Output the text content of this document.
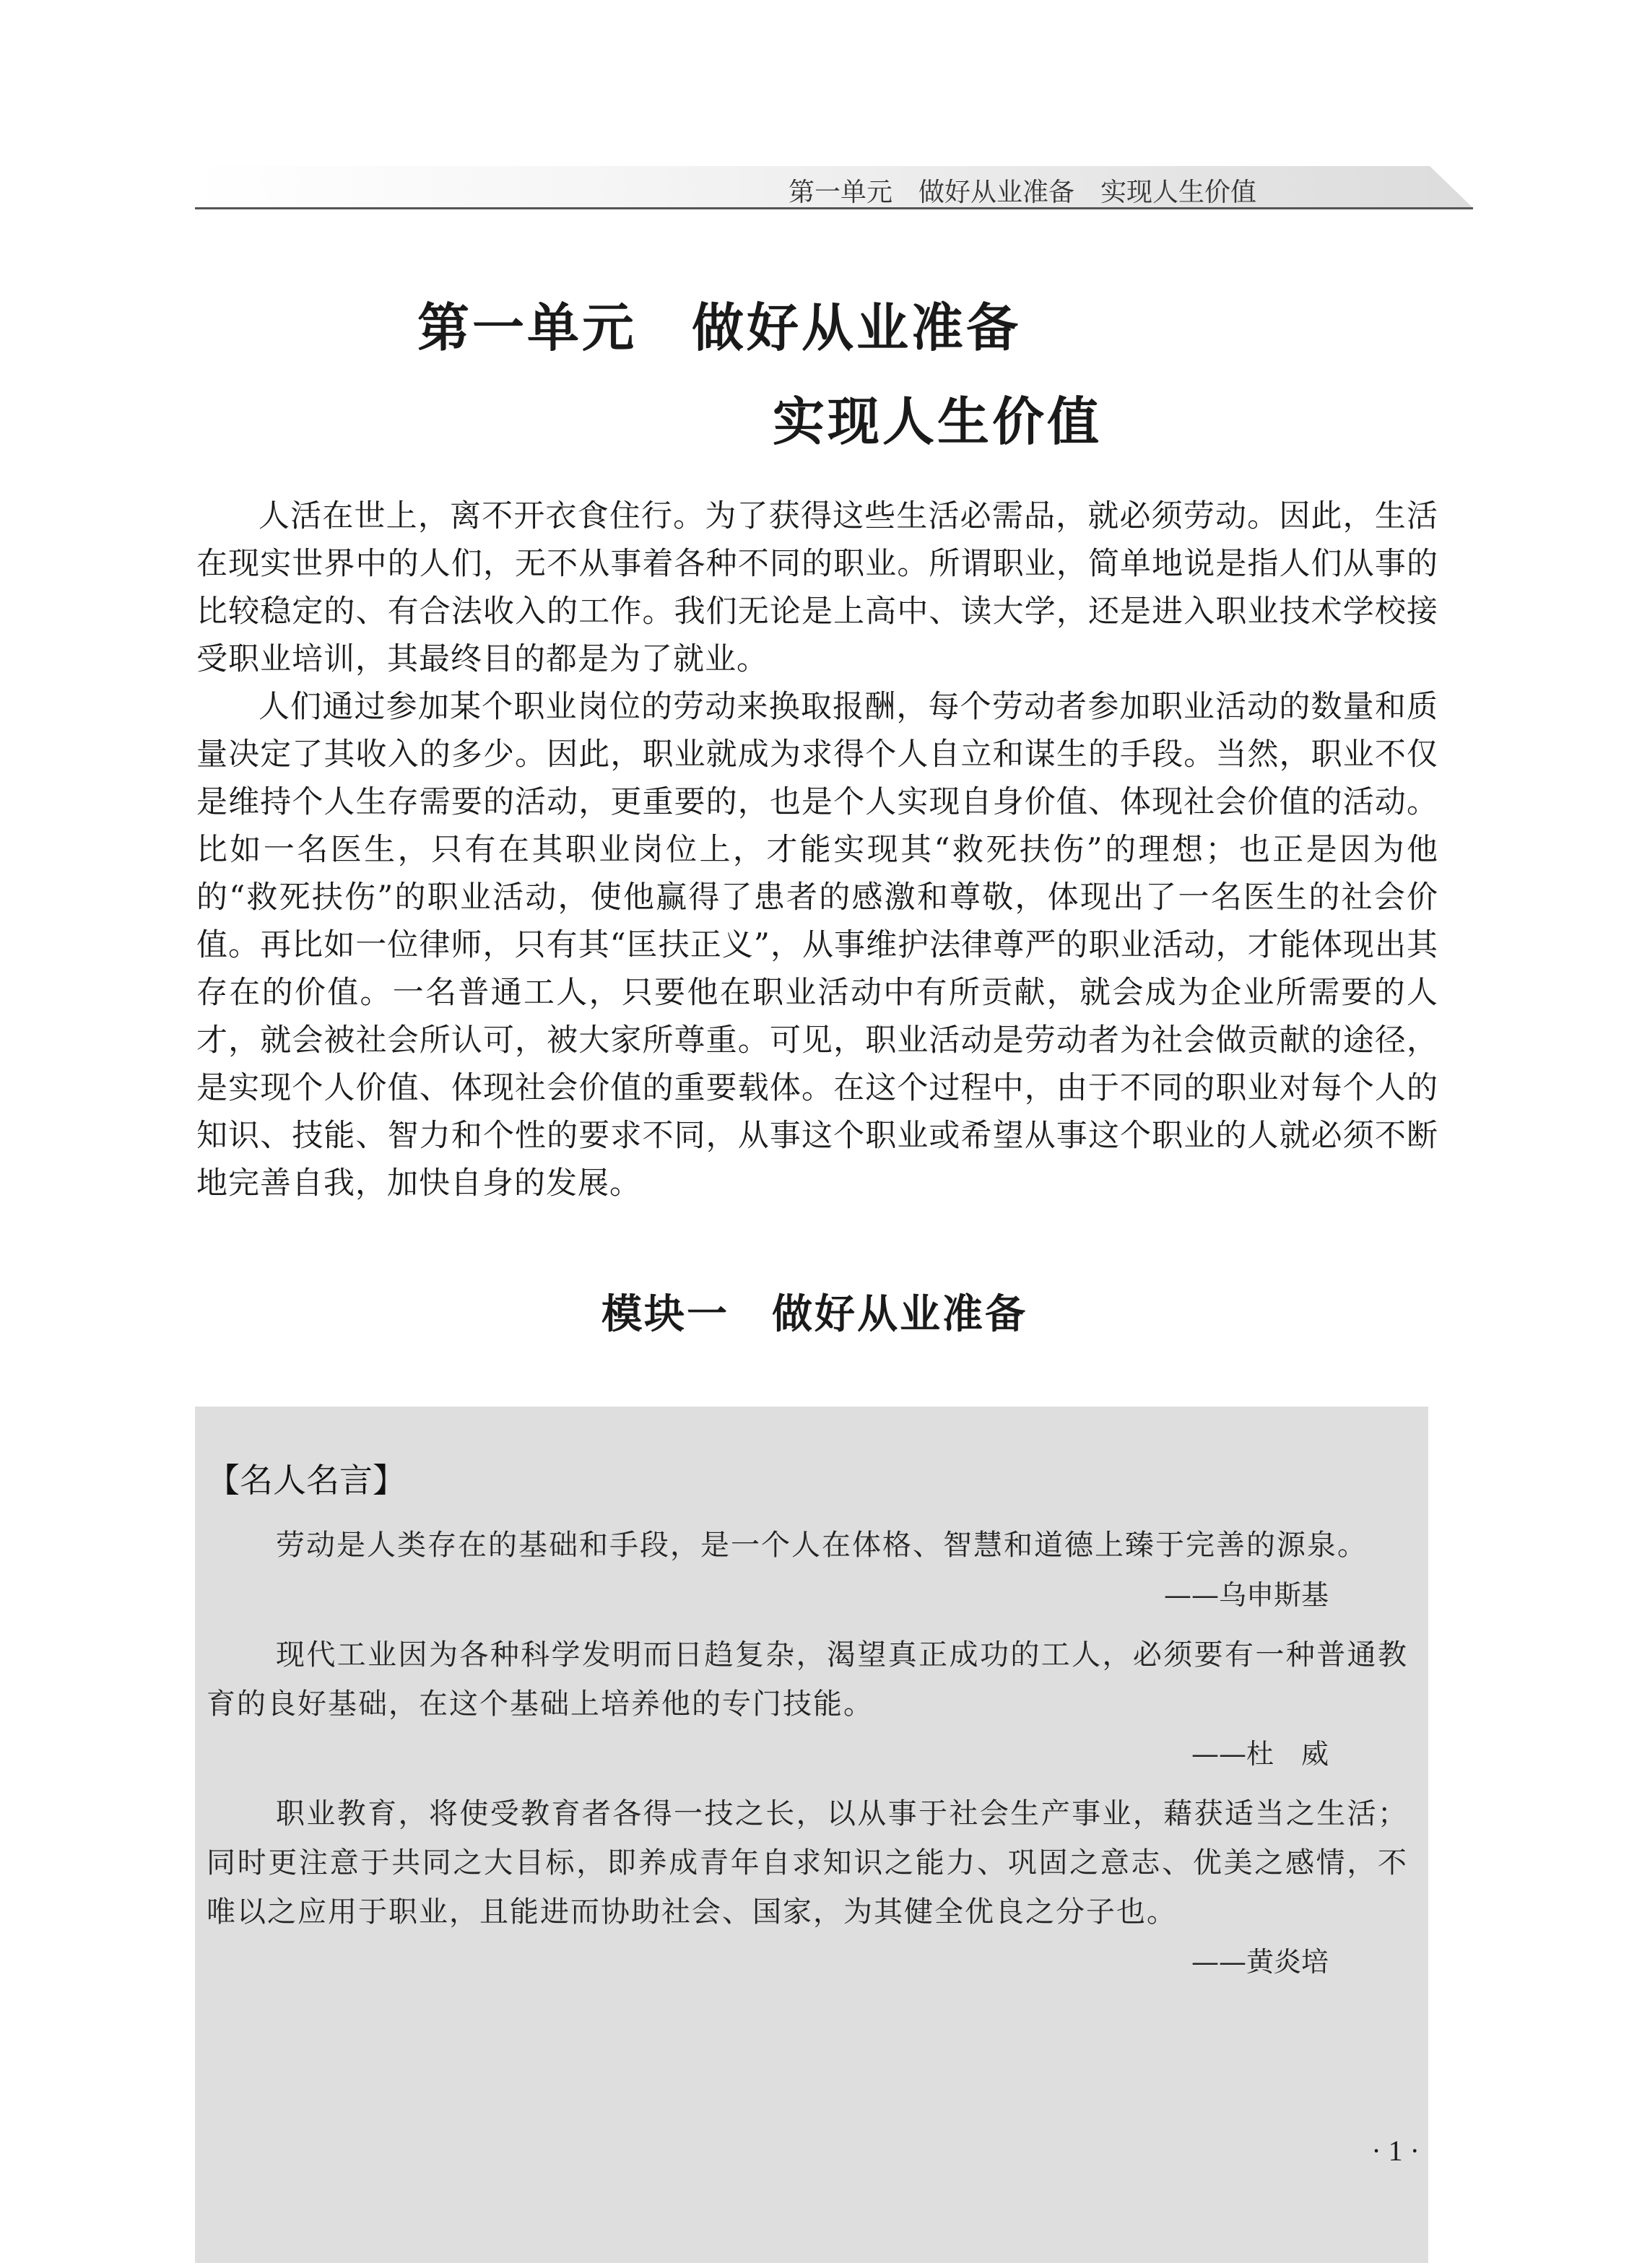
第一单元　做好从业准备　实现人生价值
第一单元　做好从业准备
实现人生价值

人活在世上，离不开衣食住行。为了获得这些生活必需品，就必须劳动。因此，生活在现实世界中的人们，无不从事着各种不同的职业。所谓职业，简单地说是指人们从事的比较稳定的、有合法收入的工作。我们无论是上高中、读大学，还是进入职业技术学校接受职业培训，其最终目的都是为了就业。

人们通过参加某个职业岗位的劳动来换取报酬，每个劳动者参加职业活动的数量和质量决定了其收入的多少。因此，职业就成为求得个人自立和谋生的手段。当然，职业不仅是维持个人生存需要的活动，更重要的，也是个人实现自身价值、体现社会价值的活动。比如一名医生，只有在其职业岗位上，才能实现其“救死扶伤”的理想；也正是因为他的“救死扶伤”的职业活动，使他赢得了患者的感激和尊敬，体现出了一名医生的社会价值。再比如一位律师，只有其“匡扶正义”，从事维护法律尊严的职业活动，才能体现出其存在的价值。一名普通工人，只要他在职业活动中有所贡献，就会成为企业所需要的人才，就会被社会所认可，被大家所尊重。可见，职业活动是劳动者为社会做贡献的途径，是实现个人价值、体现社会价值的重要载体。在这个过程中，由于不同的职业对每个人的知识、技能、智力和个性的要求不同，从事这个职业或希望从事这个职业的人就必须不断地完善自我，加快自身的发展。

模块一　做好从业准备
【名人名言】

劳动是人类存在的基础和手段，是一个人在体格、智慧和道德上臻于完善的源泉。

——乌申斯基

现代工业因为各种科学发明而日趋复杂，渴望真正成功的工人，必须要有一种普通教育的良好基础，在这个基础上培养他的专门技能。

——杜　威

职业教育，将使受教育者各得一技之长，以从事于社会生产事业，藉获适当之生活；同时更注意于共同之大目标，即养成青年自求知识之能力、巩固之意志、优美之感情，不唯以之应用于职业，且能进而协助社会、国家，为其健全优良之分子也。

——黄炎培

· 1 ·
